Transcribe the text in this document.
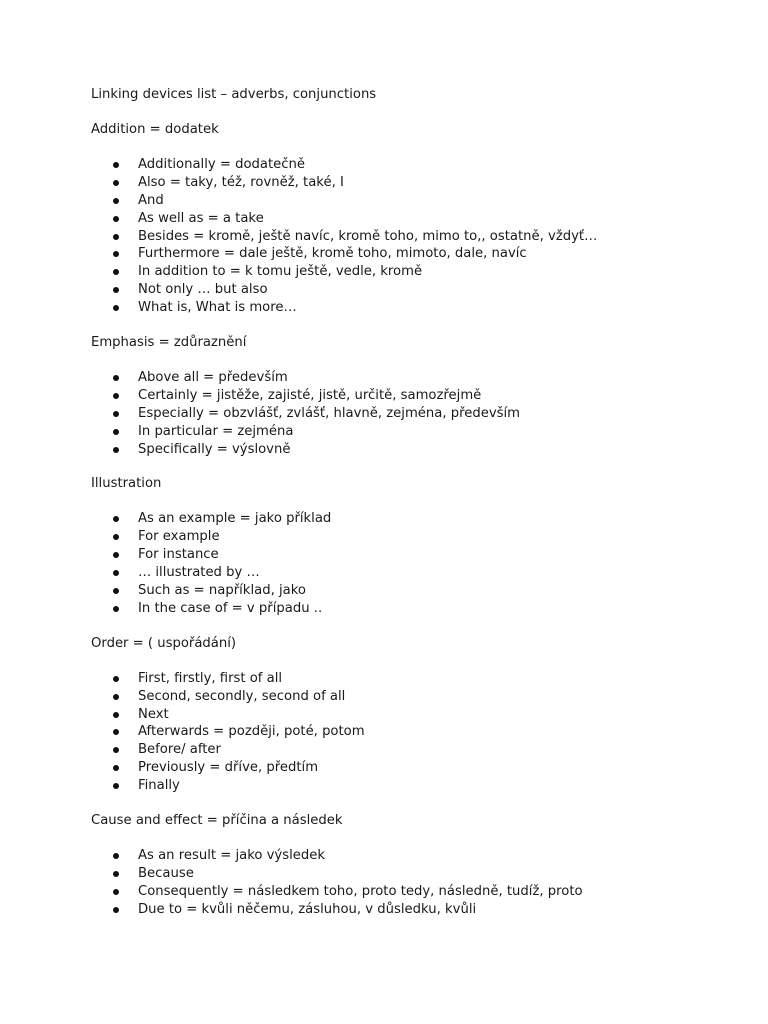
Linking devices list – adverbs, conjunctions
Addition = dodatek
Additionally = dodatečně
Also = taky, též, rovněž, také, I
And
As well as = a take
Besides = kromě, ještě navíc, kromě toho, mimo to,, ostatně, vždyť…
Furthermore = dale ještě, kromě toho, mimoto, dale, navíc
In addition to = k tomu ještě, vedle, kromě
Not only … but also
What is, What is more…
Emphasis = zdůraznění
Above all = především
Certainly = jistěže, zajisté, jistě, určitě, samozřejmě
Especially = obzvlášť, zvlášť, hlavně, zejména, především
In particular = zejména
Specifically = výslovně
Illustration
As an example = jako příklad
For example
For instance
… illustrated by …
Such as = například, jako
In the case of = v případu ..
Order = ( uspořádání)
First, firstly, first of all
Second, secondly, second of all
Next
Afterwards = později, poté, potom
Before/ after
Previously = dříve, předtím
Finally
Cause and effect = příčina a následek
As an result = jako výsledek
Because
Consequently = následkem toho, proto tedy, následně, tudíž, proto
Due to = kvůli něčemu, zásluhou, v důsledku, kvůli
